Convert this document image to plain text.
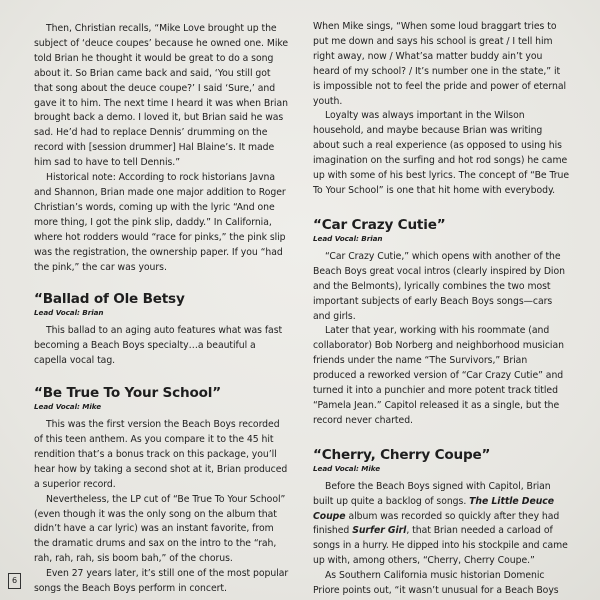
Then, Christian recalls, “Mike Love brought up the subject of ‘deuce coupes’ because he owned one. Mike told Brian he thought it would be great to do a song about it. So Brian came back and said, ‘You still got that song about the deuce coupe?’ I said ‘Sure,’ and gave it to him. The next time I heard it was when Brian brought back a demo. I loved it, but Brian said he was sad. He’d had to replace Dennis’ drumming on the record with [session drummer] Hal Blaine’s. It made him sad to have to tell Dennis.”

Historical note: According to rock historians Javna and Shannon, Brian made one major addition to Roger Christian’s words, coming up with the lyric “And one more thing, I got the pink slip, daddy.” In California, where hot rodders would “race for pinks,” the pink slip was the registration, the ownership paper. If you “had the pink,” the car was yours.

“Ballad of Ole Betsy
Lead Vocal: Brian

This ballad to an aging auto features what was fast becoming a Beach Boys specialty…a beautiful a capella vocal tag.

“Be True To Your School”
Lead Vocal: Mike

This was the first version the Beach Boys recorded of this teen anthem. As you compare it to the 45 hit rendition that’s a bonus track on this package, you’ll hear how by taking a second shot at it, Brian produced a superior record.

Nevertheless, the LP cut of “Be True To Your School” (even though it was the only song on the album that didn’t have a car lyric) was an instant favorite, from the dramatic drums and sax on the intro to the “rah, rah, rah, rah, sis boom bah,” of the chorus.

Even 27 years later, it’s still one of the most popular songs the Beach Boys perform in concert.

When Mike sings, “When some loud braggart tries to put me down and says his school is great / I tell him right away, now / What’sa matter buddy ain’t you heard of my school? / It’s number one in the state,” it is impossible not to feel the pride and power of eternal youth.

Loyalty was always important in the Wilson household, and maybe because Brian was writing about such a real experience (as opposed to using his imagination on the surfing and hot rod songs) he came up with some of his best lyrics. The concept of “Be True To Your School” is one that hit home with everybody.

“Car Crazy Cutie”
Lead Vocal: Brian

“Car Crazy Cutie,” which opens with another of the Beach Boys great vocal intros (clearly inspired by Dion and the Belmonts), lyrically combines the two most important subjects of early Beach Boys songs—cars and girls.

Later that year, working with his roommate (and collaborator) Bob Norberg and neighborhood musician friends under the name “The Survivors,” Brian produced a reworked version of “Car Crazy Cutie” and turned it into a punchier and more potent track titled “Pamela Jean.” Capitol released it as a single, but the record never charted.

“Cherry, Cherry Coupe”
Lead Vocal: Mike

Before the Beach Boys signed with Capitol, Brian built up quite a backlog of songs. The Little Deuce Coupe album was recorded so quickly after they had finished Surfer Girl, that Brian needed a carload of songs in a hurry. He dipped into his stockpile and came up with, among others, “Cherry, Cherry Coupe.”

As Southern California music historian Domenic Priore points out, “it wasn’t unusual for a Beach Boys

6
